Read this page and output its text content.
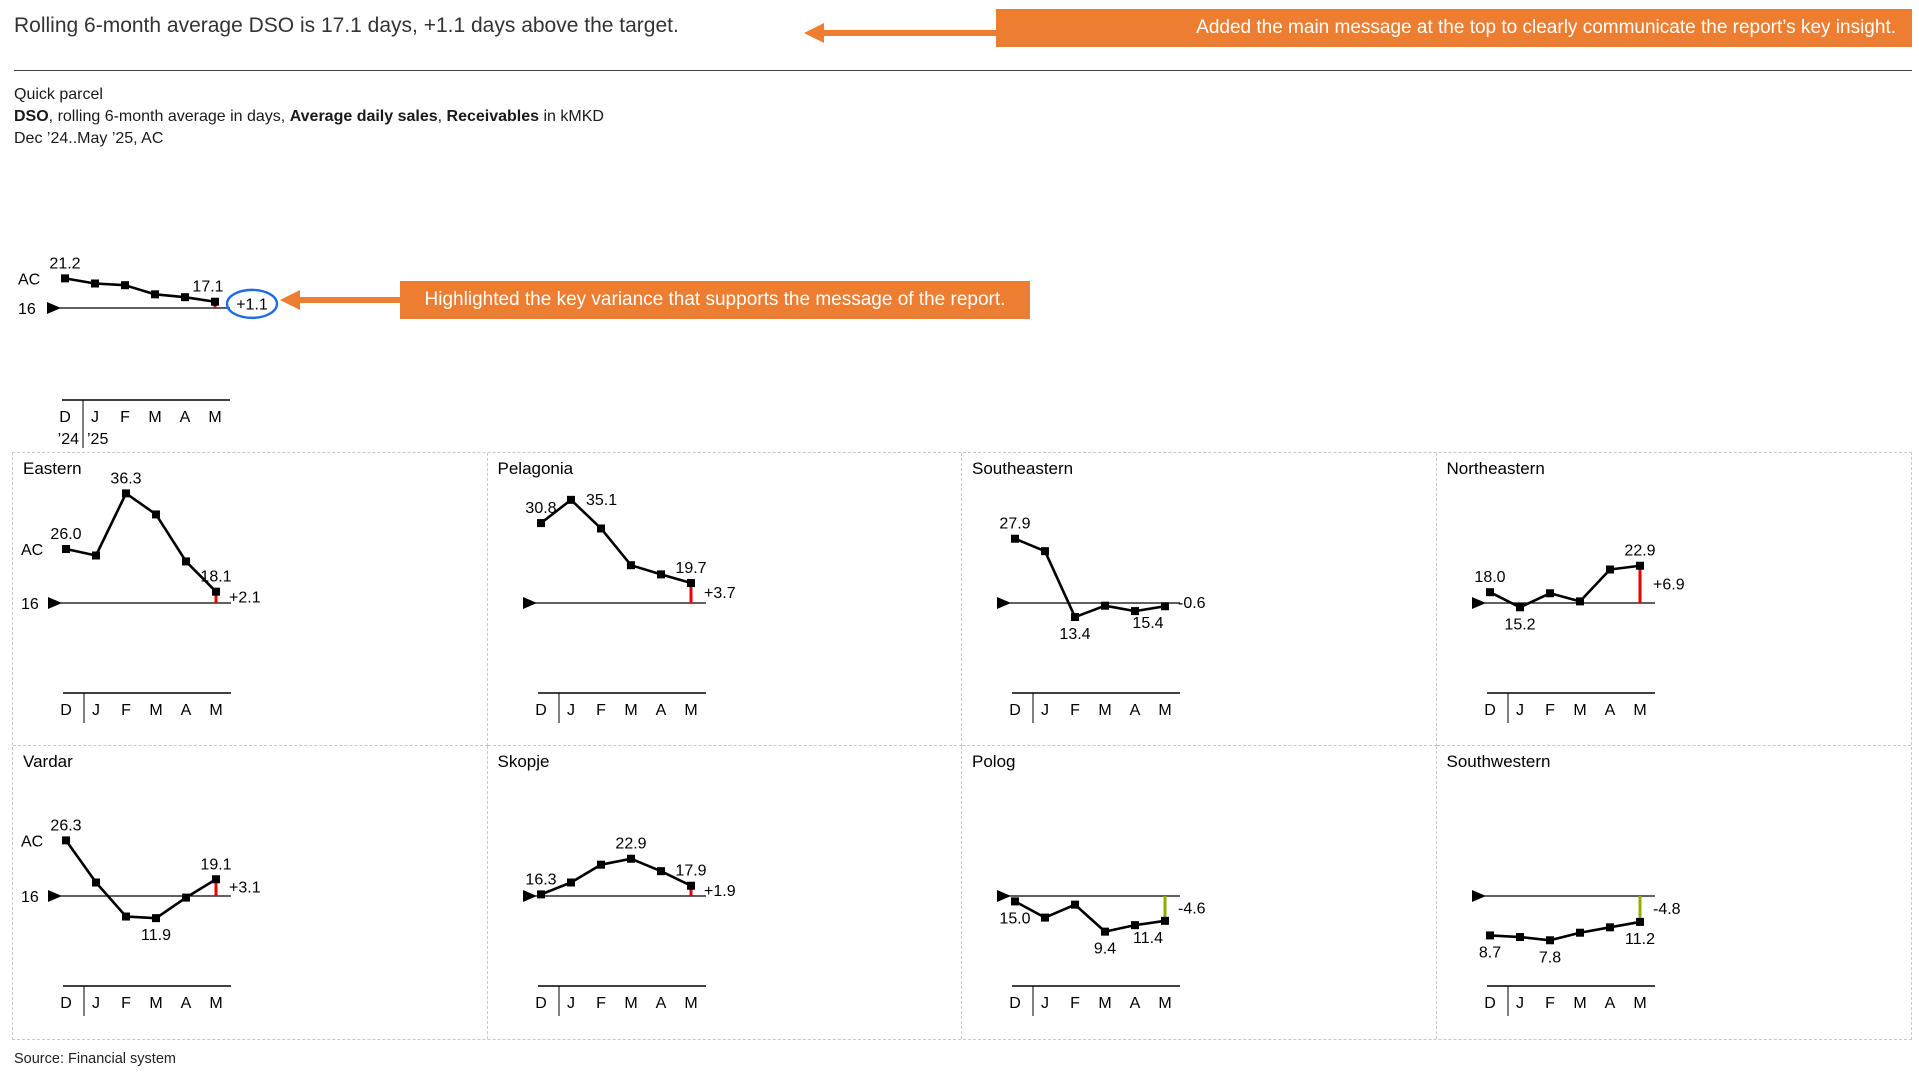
Rolling 6-month average DSO is 17.1 days, +1.1 days above the target.	Added the main message at the top to clearly communicate the report’s key insight.
Quick parcel
DSO, rolling 6-month average in days, Average daily sales, Receivables in kMKD
Dec ’24..May ’25, AC
21.2
17.1
+1.1
D J F M A M
’24 ’25
AC
16	Highlighted the key variance that supports the message of the report.
Eastern
26.0
36.3
18.1
+2.1
D J F M A M
AC
16
Pelagonia
30.8 35.1
19.7
+3.7
D J F M A M
Southeastern
27.9
13.4
15.4
-0.6
D J F M A M
Northeastern
18.0
15.2
22.9
+6.9
D J F M A M
Vardar
26.3
11.9
19.1
+3.1
D J F M A M
AC
16
Skopje
16.3
22.9
17.9
+1.9
D J F M A M
Polog
15.0
9.4
11.4
-4.6
D J F M A M
Southwestern
8.7 7.8
11.2
-4.8
D J F M A M
Source: Financial system
